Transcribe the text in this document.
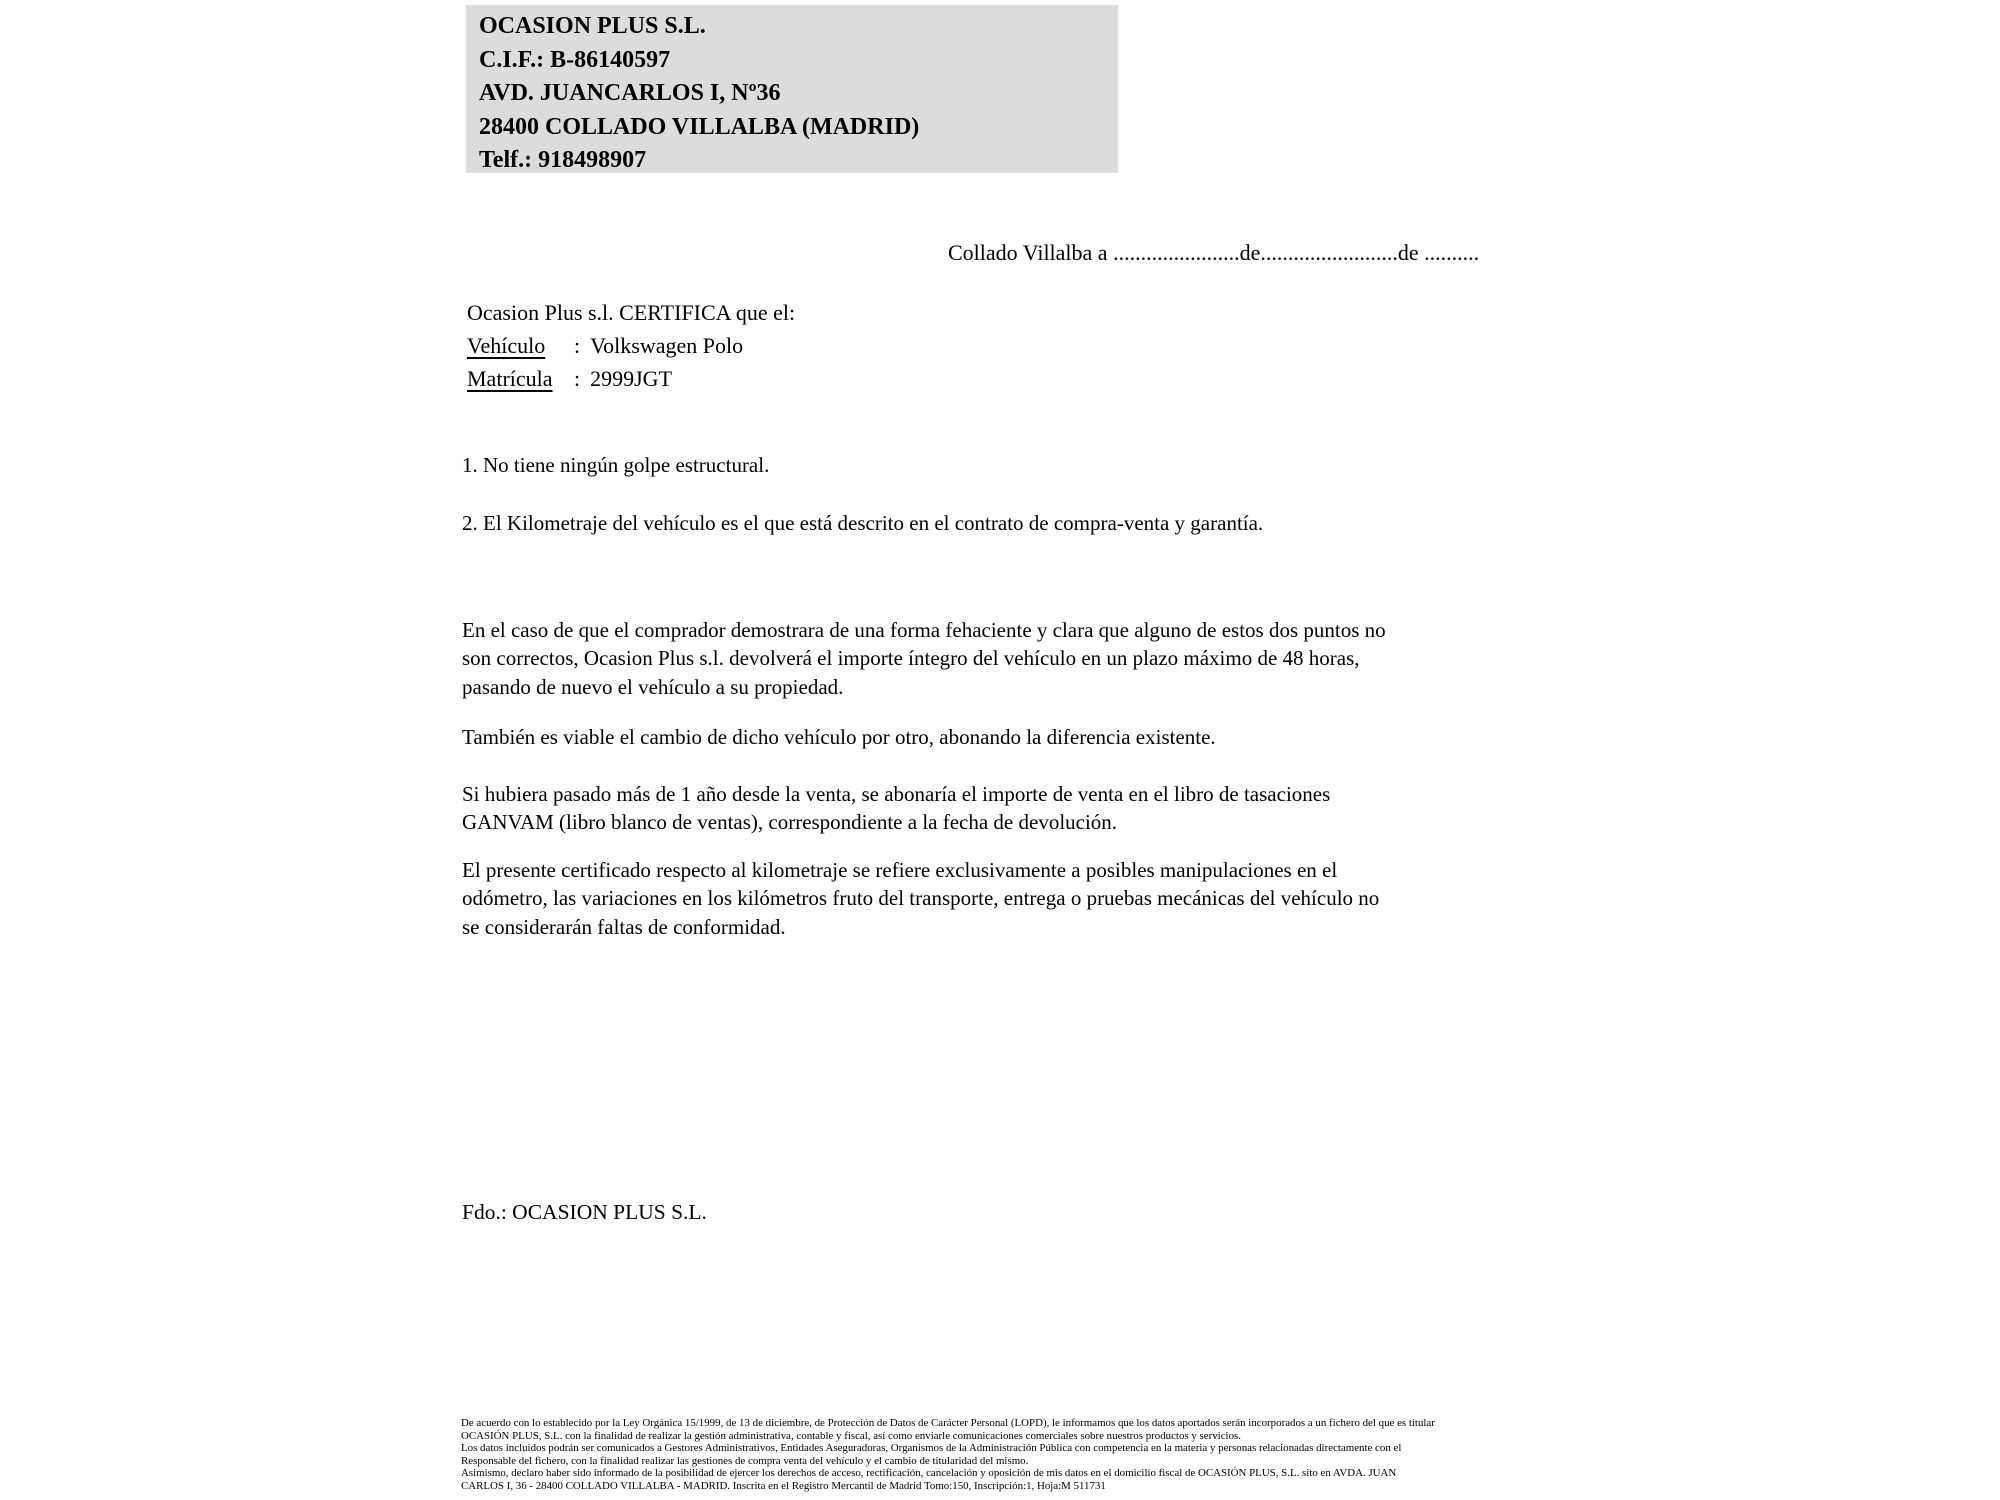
OCASION PLUS S.L.
C.I.F.: B-86140597
AVD. JUANCARLOS I, Nº36
28400 COLLADO VILLALBA (MADRID)
Telf.: 918498907
Collado Villalba a .......................de.........................de ..........
Ocasion Plus s.l. CERTIFICA que el:
Vehículo : Volkswagen Polo
Matrícula : 2999JGT
1. No tiene ningún golpe estructural.
2. El Kilometraje del vehículo es el que está descrito en el contrato de compra-venta y garantía.
En el caso de que el comprador demostrara de una forma fehaciente y clara que alguno de estos dos puntos no
son correctos, Ocasion Plus s.l. devolverá el importe íntegro del vehículo en un plazo máximo de 48 horas,
pasando de nuevo el vehículo a su propiedad.
También es viable el cambio de dicho vehículo por otro, abonando la diferencia existente.
Si hubiera pasado más de 1 año desde la venta, se abonaría el importe de venta en el libro de tasaciones
GANVAM (libro blanco de ventas), correspondiente a la fecha de devolución.
El presente certificado respecto al kilometraje se refiere exclusivamente a posibles manipulaciones en el
odómetro, las variaciones en los kilómetros fruto del transporte, entrega o pruebas mecánicas del vehículo no
se considerarán faltas de conformidad.
Fdo.: OCASION PLUS S.L.
De acuerdo con lo establecido por la Ley Orgánica 15/1999, de 13 de diciembre, de Protección de Datos de Carácter Personal (LOPD), le informamos que los datos aportados serán incorporados a un fichero del que es titular
OCASIÓN PLUS, S.L. con la finalidad de realizar la gestión administrativa, contable y fiscal, así como enviarle comunicaciones comerciales sobre nuestros productos y servicios.
Los datos incluidos podrán ser comunicados a Gestores Administrativos, Entidades Aseguradoras, Organismos de la Administración Pública con competencia en la materia y personas relacionadas directamente con el
Responsable del fichero, con la finalidad realizar las gestiones de compra venta del vehículo y el cambio de titularidad del mismo.
Asimismo, declaro haber sido informado de la posibilidad de ejercer los derechos de acceso, rectificación, cancelación y oposición de mis datos en el domicilio fiscal de OCASIÓN PLUS, S.L. sito en AVDA. JUAN
CARLOS I, 36 - 28400 COLLADO VILLALBA - MADRID. Inscrita en el Registro Mercantil de Madrid Tomo:150, Inscripción:1, Hoja:M 511731
